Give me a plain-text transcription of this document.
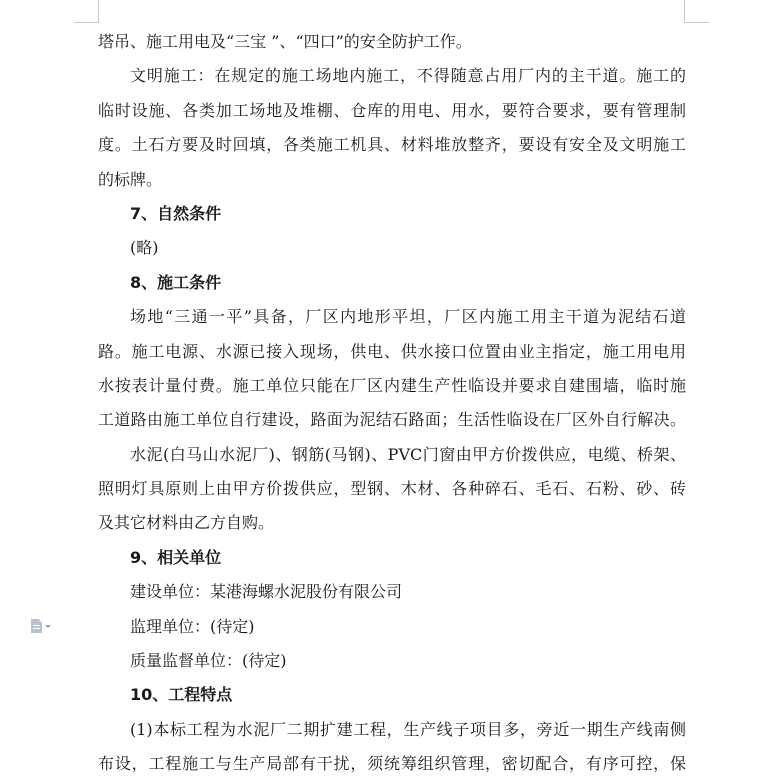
塔吊、施工用电及“三宝 ”、“四口”的安全防护工作。
文明施工：在规定的施工场地内施工，不得随意占用厂内的主干道。施工的
临时设施、各类加工场地及堆棚、仓库的用电、用水，要符合要求，要有管理制
度。土石方要及时回填，各类施工机具、材料堆放整齐，要设有安全及文明施工
的标牌。
7、自然条件
(略)
8、施工条件
场地“三通一平”具备，厂区内地形平坦，厂区内施工用主干道为泥结石道
路。施工电源、水源已接入现场，供电、供水接口位置由业主指定，施工用电用
水按表计量付费。施工单位只能在厂区内建生产性临设并要求自建围墙，临时施
工道路由施工单位自行建设，路面为泥结石路面；生活性临设在厂区外自行解决。
水泥(白马山水泥厂)、钢筋(马钢)、PVC门窗由甲方价拨供应，电缆、桥架、
照明灯具原则上由甲方价拨供应，型钢、木材、各种碎石、毛石、石粉、砂、砖
及其它材料由乙方自购。
9、相关单位
建设单位：某港海螺水泥股份有限公司
监理单位：(待定)
质量监督单位：(待定)
10、工程特点
(1)本标工程为水泥厂二期扩建工程，生产线子项目多，旁近一期生产线南侧
布设，工程施工与生产局部有干扰，须统筹组织管理，密切配合，有序可控，保
